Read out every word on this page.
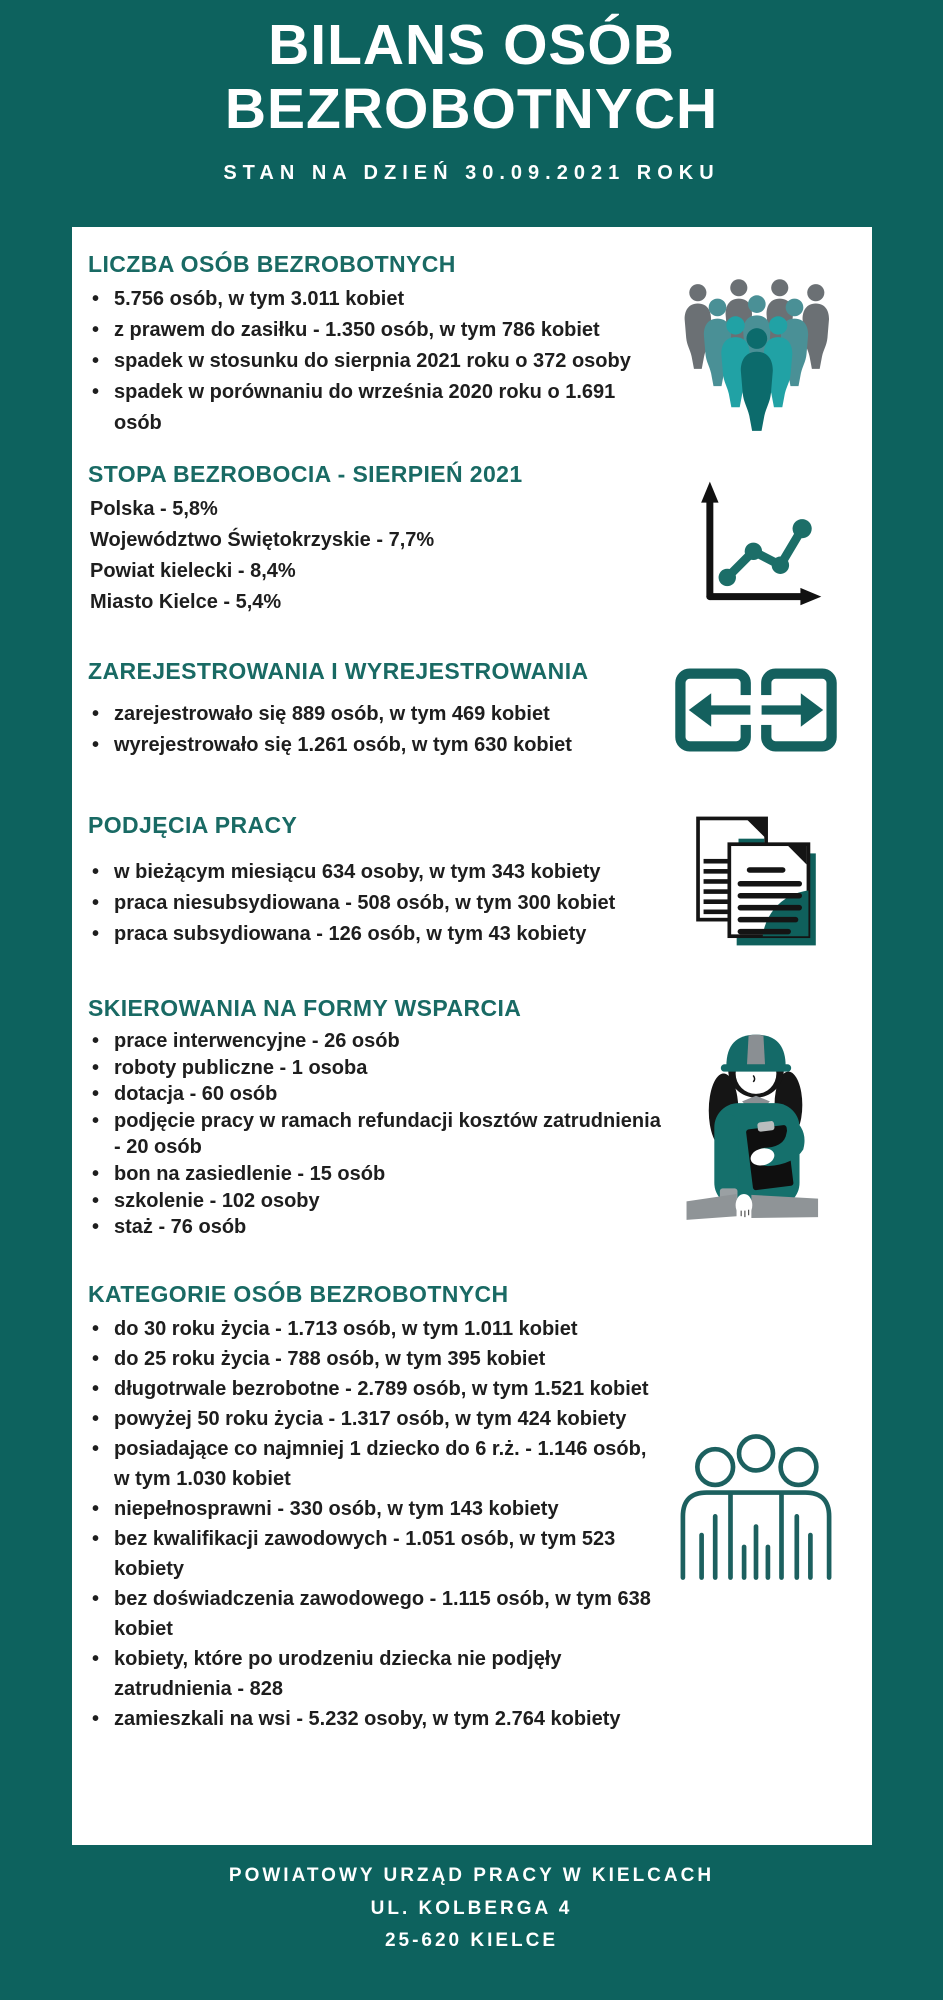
BILANS OSÓB
BEZROBOTNYCH
STAN NA DZIEŃ 30.09.2021 ROKU
LICZBA OSÓB BEZROBOTNYCH
• 5.756 osób, w tym 3.011 kobiet
• z prawem do zasiłku - 1.350 osób, w tym 786 kobiet
• spadek w stosunku do sierpnia 2021 roku o 372 osoby
• spadek w porównaniu do września 2020 roku o 1.691 osób
STOPA BEZROBOCIA - SIERPIEŃ 2021
Polska - 5,8%
Województwo Świętokrzyskie - 7,7%
Powiat kielecki - 8,4%
Miasto Kielce - 5,4%
ZAREJESTROWANIA I WYREJESTROWANIA
• zarejestrowało się 889 osób, w tym 469 kobiet
• wyrejestrowało się 1.261 osób, w tym 630 kobiet
PODJĘCIA PRACY
• w bieżącym miesiącu 634 osoby, w tym 343 kobiety
• praca niesubsydiowana - 508 osób, w tym 300 kobiet
• praca subsydiowana - 126 osób, w tym 43 kobiety
SKIEROWANIA NA FORMY WSPARCIA
• prace interwencyjne - 26 osób
• roboty publiczne - 1 osoba
• dotacja - 60 osób
• podjęcie pracy w ramach refundacji kosztów zatrudnienia - 20 osób
• bon na zasiedlenie - 15 osób
• szkolenie - 102 osoby
• staż - 76 osób
KATEGORIE OSÓB BEZROBOTNYCH
• do 30 roku życia - 1.713 osób, w tym 1.011 kobiet
• do 25 roku życia - 788 osób, w tym 395 kobiet
• długotrwale bezrobotne - 2.789 osób, w tym 1.521 kobiet
• powyżej 50 roku życia - 1.317 osób, w tym 424 kobiety
• posiadające co najmniej 1 dziecko do 6 r.ż. - 1.146 osób, w tym 1.030 kobiet
• niepełnosprawni - 330 osób, w tym 143 kobiety
• bez kwalifikacji zawodowych - 1.051 osób, w tym 523 kobiety
• bez doświadczenia zawodowego - 1.115 osób, w tym 638 kobiet
• kobiety, które po urodzeniu dziecka nie podjęły zatrudnienia - 828
• zamieszkali na wsi - 5.232 osoby, w tym 2.764 kobiety
POWIATOWY URZĄD PRACY W KIELCACH
UL. KOLBERGA 4
25-620 KIELCE
